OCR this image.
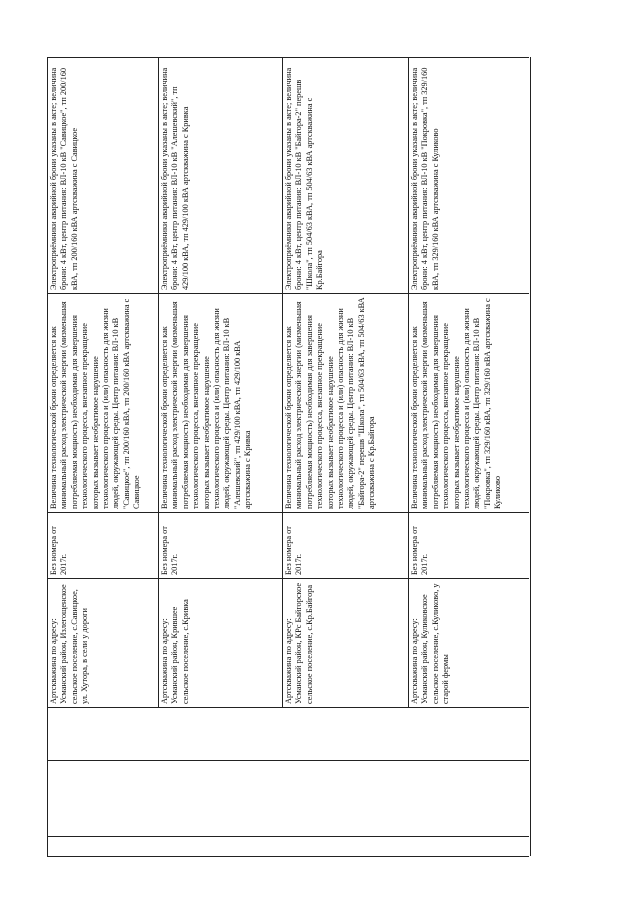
Электроприёмники аварийной брони указаны в акте; величина брони: 4 кВт, центр питания: ВЛ-10 кВ "Савицкое", тп 200/160 кВА, тп 200/160 кВА артскважина с Савицкое
Величина технологической брони определяется как минимальный расход электрической энергии (мизменьшая потребляемая мощность) необходимая для завершения технологического процесса, внезапное прекращение которых вызывает необратимое нарушение технологического процесса и (или) опасность для жизни людей, окружающей среды. Центр питания: ВЛ-10 кВ "Савицкое", тп 200/160 кВА, тп 200/160 кВА артскважина с Савицкое
Без номера от 2017г.
Артскважина по адресу: Усманский район, Излегощенское сельское поселение, с.Савицкое, ул. Хутора, в сели у дороги
Электроприёмники аварийной брони указаны в акте; величина брони: 4 кВт, центр питания: ВЛ-10 кВ "Алешевский", тп 429/100 кВА, тп 429/100 кВА артскважина с Кривка
Величина технологической брони определяется как минимальный расход электрической энергии (мизменьшая потребляемая мощность) необходимая для завершения технологического процесса, внезапное прекращение которых вызывает необратимое нарушение технологического процесса и (или) опасность для жизни людей, окружающей среды. Центр питания: ВЛ-10 кВ "Алешевский", тп 429/100 кВА, тп 429/100 кВА артскважина с Кривка
Без номера от 2017г.
Артскважина по адресу: Усманский район, Крившее сельское поселение, с.Кривка
Электроприёмники аварийной брони указаны в акте; величина брони: 4 кВт, центр питания: ВЛ-10 кВ "Байгора-2" перешв "Школа", тп 504/63 кВА, тп 504/63 кВА артскважина с Кр.Байгора
Величина технологической брони определяется как минимальный расход электрической энергии (мизменьшая потребляемая мощность) необходимая для завершения технологического процесса, внезапное прекращение которых вызывает необратимое нарушение технологического процесса и (или) опасность для жизни людей, окружающей среды. Центр питания: ВЛ-10 кВ "Байгора-2" перешв "Школа", тп 504/63 кВА, тп 504/63 кВА артскважина с Кр.Байгора
Без номера от 2017г.
Артскважина по адресу: Усманский район, КРс Байгорское сельское поселение, с.Кр.Байгора
Электроприёмники аварийной брони указаны в акте; величина брони: 4 кВт, центр питания: ВЛ-10 кВ "Покровка", тп 329/160 кВА, тп 329/160 кВА артскважина с Куликово
Величина технологической брони определяется как минимальный расход электрической энергии (мизменьшая потребляемая мощность) необходимая для завершения технологического процесса, внезапное прекращение которых вызывает необратимое нарушение технологического процесса и (или) опасность для жизни людей, окружающей среды. Центр питания: ВЛ-10 кВ "Покровка", тп 329/160 кВА, тп 329/160 кВА артскважина с Куликово
Без номера от 2017г.
Артскважина по адресу: Усманский район, Куликовское сельское поселение, с.Куликово, у старой фермы
